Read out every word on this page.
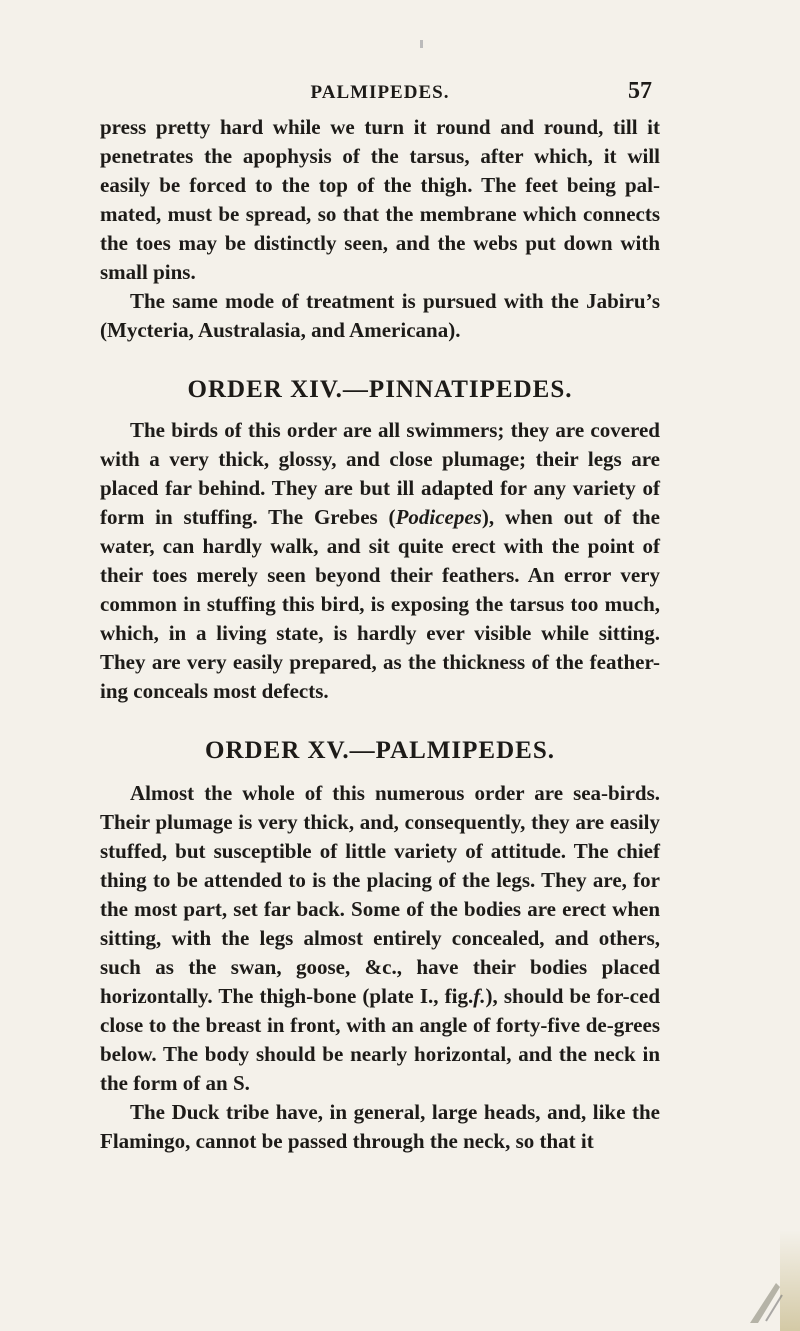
PALMIPEDES.	57

press pretty hard while we turn it round and round, till it penetrates the apophysis of the tarsus, after which, it will easily be forced to the top of the thigh. The feet being pal-mated, must be spread, so that the membrane which connects the toes may be distinctly seen, and the webs put down with small pins.

The same mode of treatment is pursued with the Jabiru’s (Mycteria, Australasia, and Americana).

ORDER XIV.—PINNATIPEDES.

The birds of this order are all swimmers; they are covered with a very thick, glossy, and close plumage; their legs are placed far behind. They are but ill adapted for any variety of form in stuffing. The Grebes (Podicepes), when out of the water, can hardly walk, and sit quite erect with the point of their toes merely seen beyond their feathers. An error very common in stuffing this bird, is exposing the tarsus too much, which, in a living state, is hardly ever visible while sitting. They are very easily prepared, as the thickness of the feather-ing conceals most defects.

ORDER XV.—PALMIPEDES.

Almost the whole of this numerous order are sea-birds. Their plumage is very thick, and, consequently, they are easily stuffed, but susceptible of little variety of attitude. The chief thing to be attended to is the placing of the legs. They are, for the most part, set far back. Some of the bodies are erect when sitting, with the legs almost entirely concealed, and others, such as the swan, goose, &c., have their bodies placed horizontally. The thigh-bone (plate I., fig.f.), should be for-ced close to the breast in front, with an angle of forty-five de-grees below. The body should be nearly horizontal, and the neck in the form of an S.

The Duck tribe have, in general, large heads, and, like the Flamingo, cannot be passed through the neck, so that it
